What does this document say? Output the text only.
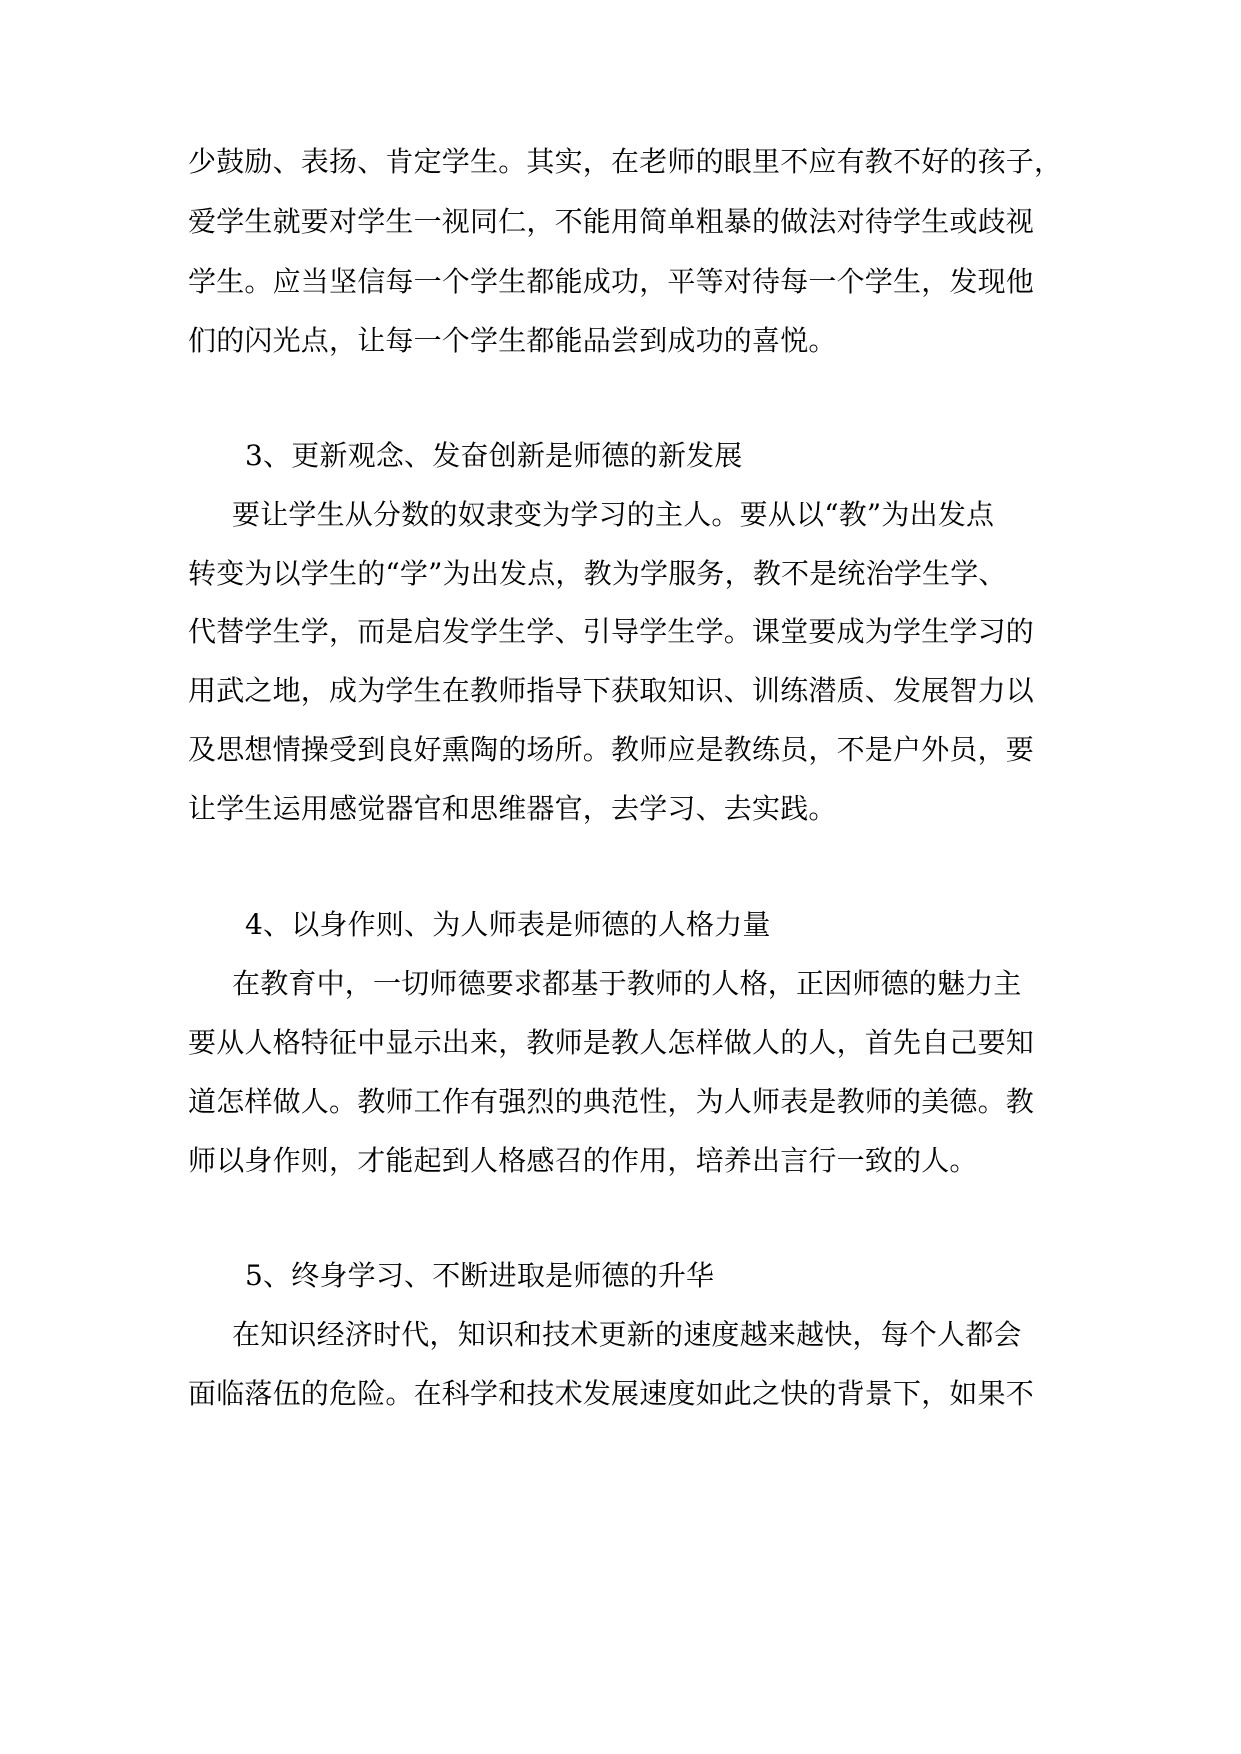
少鼓励、表扬、肯定学生。其实，在老师的眼里不应有教不好的孩子，
爱学生就要对学生一视同仁，不能用简单粗暴的做法对待学生或歧视
学生。应当坚信每一个学生都能成功，平等对待每一个学生，发现他
们的闪光点，让每一个学生都能品尝到成功的喜悦。
3、更新观念、发奋创新是师德的新发展
要让学生从分数的奴隶变为学习的主人。要从以“教”为出发点
转变为以学生的“学”为出发点，教为学服务，教不是统治学生学、
代替学生学，而是启发学生学、引导学生学。课堂要成为学生学习的
用武之地，成为学生在教师指导下获取知识、训练潜质、发展智力以
及思想情操受到良好熏陶的场所。教师应是教练员，不是户外员，要
让学生运用感觉器官和思维器官，去学习、去实践。
4、以身作则、为人师表是师德的人格力量
在教育中，一切师德要求都基于教师的人格，正因师德的魅力主
要从人格特征中显示出来，教师是教人怎样做人的人，首先自己要知
道怎样做人。教师工作有强烈的典范性，为人师表是教师的美德。教
师以身作则，才能起到人格感召的作用，培养出言行一致的人。
5、终身学习、不断进取是师德的升华
在知识经济时代，知识和技术更新的速度越来越快，每个人都会
面临落伍的危险。在科学和技术发展速度如此之快的背景下，如果不
